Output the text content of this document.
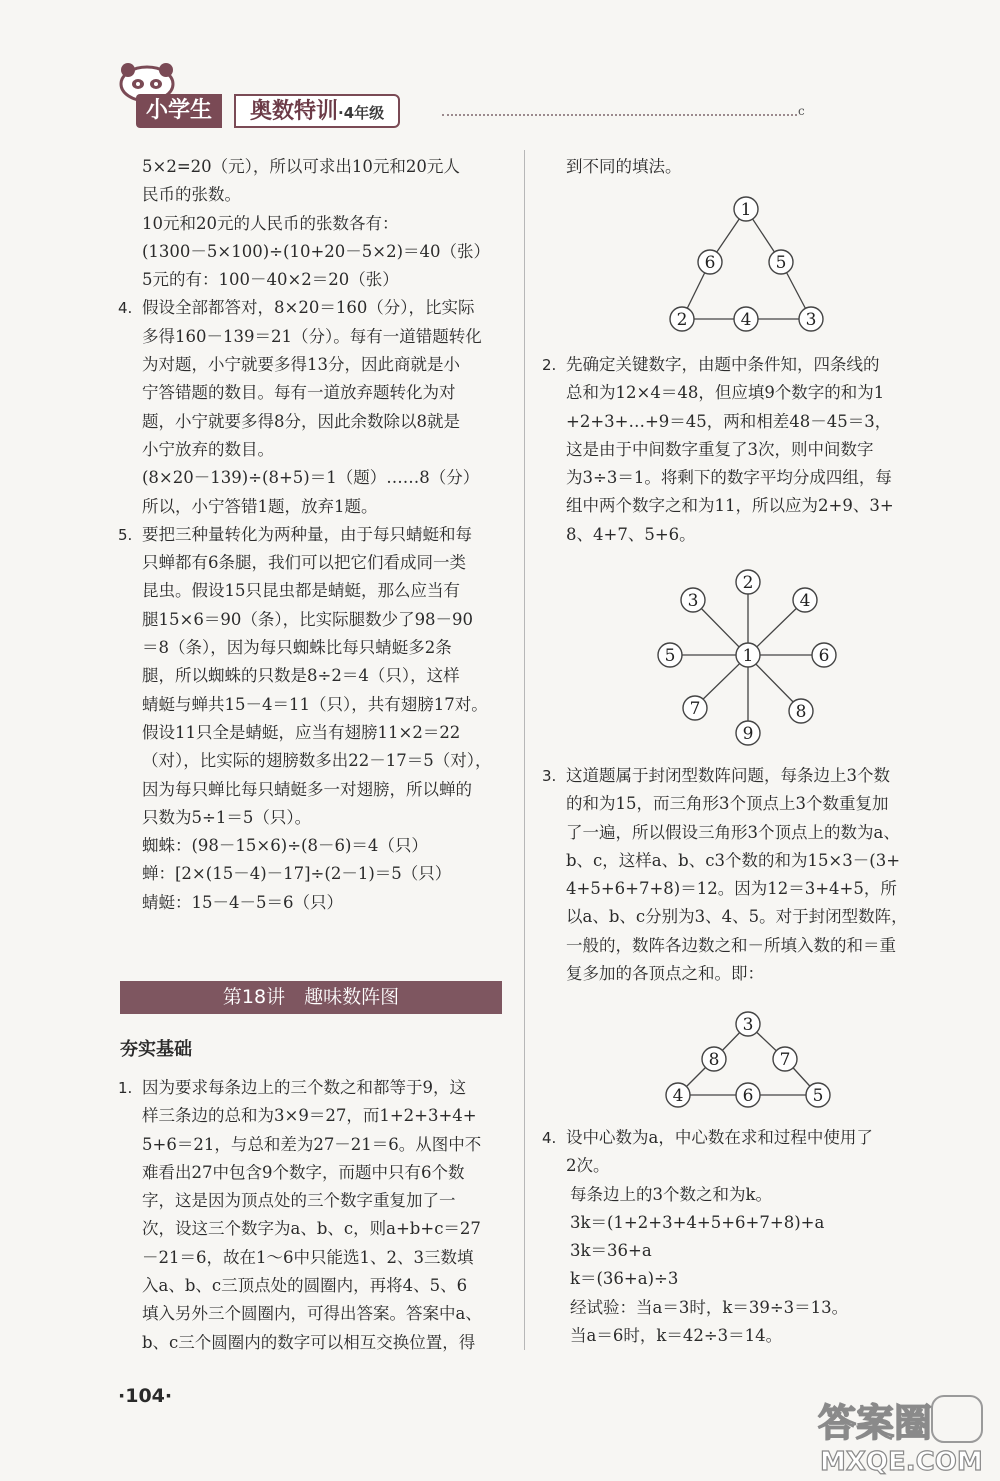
小学生	奥数特训·4年级	c
5×2=20（元），所以可求出10元和20元人
民币的张数。
10元和20元的人民币的张数各有：
(1300－5×100)÷(10+20－5×2)＝40（张）
5元的有：100－40×2＝20（张）
4. 假设全部都答对，8×20＝160（分），比实际
多得160－139＝21（分）。每有一道错题转化
为对题，小宁就要多得13分，因此商就是小
宁答错题的数目。每有一道放弃题转化为对
题，小宁就要多得8分，因此余数除以8就是
小宁放弃的数目。
(8×20－139)÷(8+5)＝1（题）……8（分）
所以，小宁答错1题，放弃1题。
5. 要把三种量转化为两种量，由于每只蜻蜓和每
只蝉都有6条腿，我们可以把它们看成同一类
昆虫。假设15只昆虫都是蜻蜓，那么应当有
腿15×6＝90（条），比实际腿数少了98－90
＝8（条），因为每只蜘蛛比每只蜻蜓多2条
腿，所以蜘蛛的只数是8÷2＝4（只），这样
蜻蜓与蝉共15－4＝11（只），共有翅膀17对。
假设11只全是蜻蜓，应当有翅膀11×2＝22
（对），比实际的翅膀数多出22－17＝5（对），
因为每只蝉比每只蜻蜓多一对翅膀，所以蝉的
只数为5÷1＝5（只）。
蜘蛛：(98－15×6)÷(8－6)＝4（只）
蝉：[2×(15－4)－17]÷(2－1)＝5（只）
蜻蜓：15－4－5＝6（只）
第18讲　趣味数阵图
夯实基础
1. 因为要求每条边上的三个数之和都等于9，这
样三条边的总和为3×9＝27，而1+2+3+4+
5+6＝21，与总和差为27－21＝6。从图中不
难看出27中包含9个数字，而题中只有6个数
字，这是因为顶点处的三个数字重复加了一
次，设这三个数字为a、b、c，则a+b+c＝27
－21＝6，故在1～6中只能选1、2、3三数填
入a、b、c三顶点处的圆圈内，再将4、5、6
填入另外三个圆圈内，可得出答案。答案中a、
b、c三个圆圈内的数字可以相互交换位置，得
·104·
到不同的填法。
1
6	5
2	4	3
2. 先确定关键数字，由题中条件知，四条线的
总和为12×4＝48，但应填9个数字的和为1
+2+3+…+9＝45，两和相差48－45＝3，
这是由于中间数字重复了3次，则中间数字
为3÷3＝1。将剩下的数字平均分成四组，每
组中两个数字之和为11，所以应为2+9、3+
8、4+7、5+6。
2
3	4
5	1	6
7	8
9
3. 这道题属于封闭型数阵问题，每条边上3个数
的和为15，而三角形3个顶点上3个数重复加
了一遍，所以假设三角形3个顶点上的数为a、
b、c，这样a、b、c3个数的和为15×3－(3+
4+5+6+7+8)＝12。因为12＝3+4+5，所
以a、b、c分别为3、4、5。对于封闭型数阵，
一般的，数阵各边数之和－所填入数的和＝重
复多加的各顶点之和。即：
3
8	7
4	6	5
4. 设中心数为a，中心数在求和过程中使用了
2次。
每条边上的3个数之和为k。
3k＝(1+2+3+4+5+6+7+8)+a
3k＝36+a
k＝(36+a)÷3
经试验：当a＝3时，k＝39÷3＝13。
当a＝6时，k＝42÷3＝14。
答案圈
MXQE.COM
